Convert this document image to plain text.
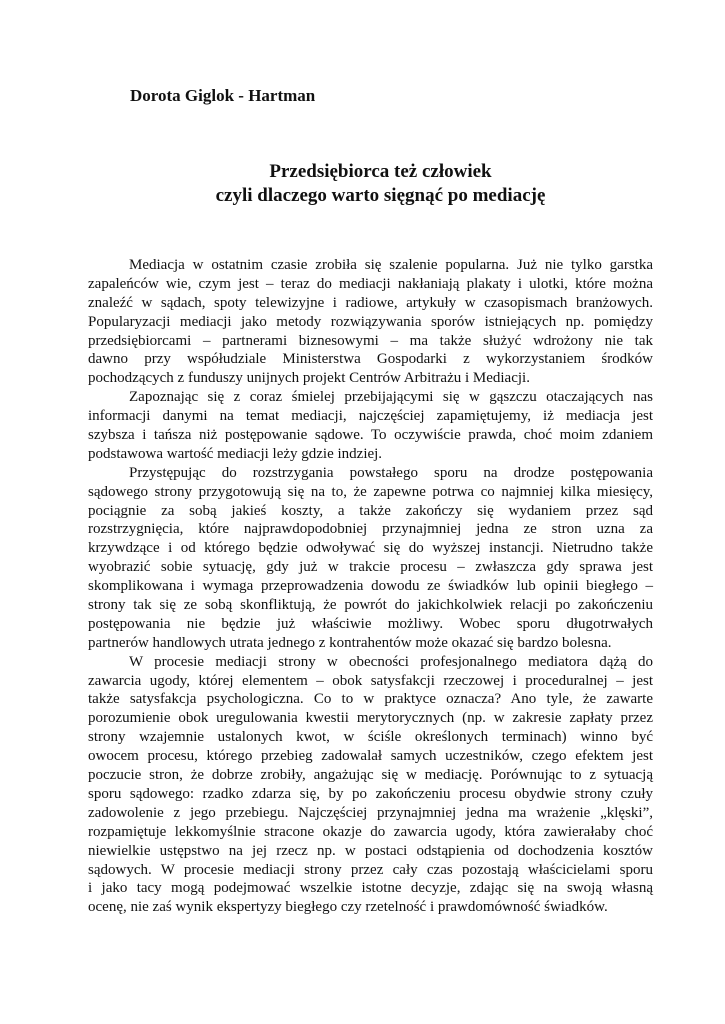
Dorota Giglok - Hartman
Przedsiębiorca też człowiek
czyli dlaczego warto sięgnąć po mediację
Mediacja w ostatnim czasie zrobiła się szalenie popularna. Już nie tylko garstka
zapaleńców wie, czym jest – teraz do mediacji nakłaniają plakaty i ulotki, które można
znaleźć w sądach, spoty telewizyjne i radiowe, artykuły w czasopismach branżowych.
Popularyzacji mediacji jako metody rozwiązywania sporów istniejących np. pomiędzy
przedsiębiorcami – partnerami biznesowymi – ma także służyć wdrożony nie tak
dawno przy współudziale Ministerstwa Gospodarki z wykorzystaniem środków
pochodzących z funduszy unijnych projekt Centrów Arbitrażu i Mediacji.
Zapoznając się z coraz śmielej przebijającymi się w gąszczu otaczających nas
informacji danymi na temat mediacji, najczęściej zapamiętujemy, iż mediacja jest
szybsza i tańsza niż postępowanie sądowe. To oczywiście prawda, choć moim zdaniem
podstawowa wartość mediacji leży gdzie indziej.
Przystępując do rozstrzygania powstałego sporu na drodze postępowania
sądowego strony przygotowują się na to, że zapewne potrwa co najmniej kilka miesięcy,
pociągnie za sobą jakieś koszty, a także zakończy się wydaniem przez sąd
rozstrzygnięcia, które najprawdopodobniej przynajmniej jedna ze stron uzna za
krzywdzące i od którego będzie odwoływać się do wyższej instancji. Nietrudno także
wyobrazić sobie sytuację, gdy już w trakcie procesu – zwłaszcza gdy sprawa jest
skomplikowana i wymaga przeprowadzenia dowodu ze świadków lub opinii biegłego –
strony tak się ze sobą skonfliktują, że powrót do jakichkolwiek relacji po zakończeniu
postępowania nie będzie już właściwie możliwy. Wobec sporu długotrwałych
partnerów handlowych utrata jednego z kontrahentów może okazać się bardzo bolesna.
W procesie mediacji strony w obecności profesjonalnego mediatora dążą do
zawarcia ugody, której elementem – obok satysfakcji rzeczowej i proceduralnej – jest
także satysfakcja psychologiczna. Co to w praktyce oznacza? Ano tyle, że zawarte
porozumienie obok uregulowania kwestii merytorycznych (np. w zakresie zapłaty przez
strony wzajemnie ustalonych kwot, w ściśle określonych terminach) winno być
owocem procesu, którego przebieg zadowalał samych uczestników, czego efektem jest
poczucie stron, że dobrze zrobiły, angażując się w mediację. Porównując to z sytuacją
sporu sądowego: rzadko zdarza się, by po zakończeniu procesu obydwie strony czuły
zadowolenie z jego przebiegu. Najczęściej przynajmniej jedna ma wrażenie „klęski”,
rozpamiętuje lekkomyślnie stracone okazje do zawarcia ugody, która zawierałaby choć
niewielkie ustępstwo na jej rzecz np. w postaci odstąpienia od dochodzenia kosztów
sądowych. W procesie mediacji strony przez cały czas pozostają właścicielami sporu
i jako tacy mogą podejmować wszelkie istotne decyzje, zdając się na swoją własną
ocenę, nie zaś wynik ekspertyzy biegłego czy rzetelność i prawdomówność świadków.
